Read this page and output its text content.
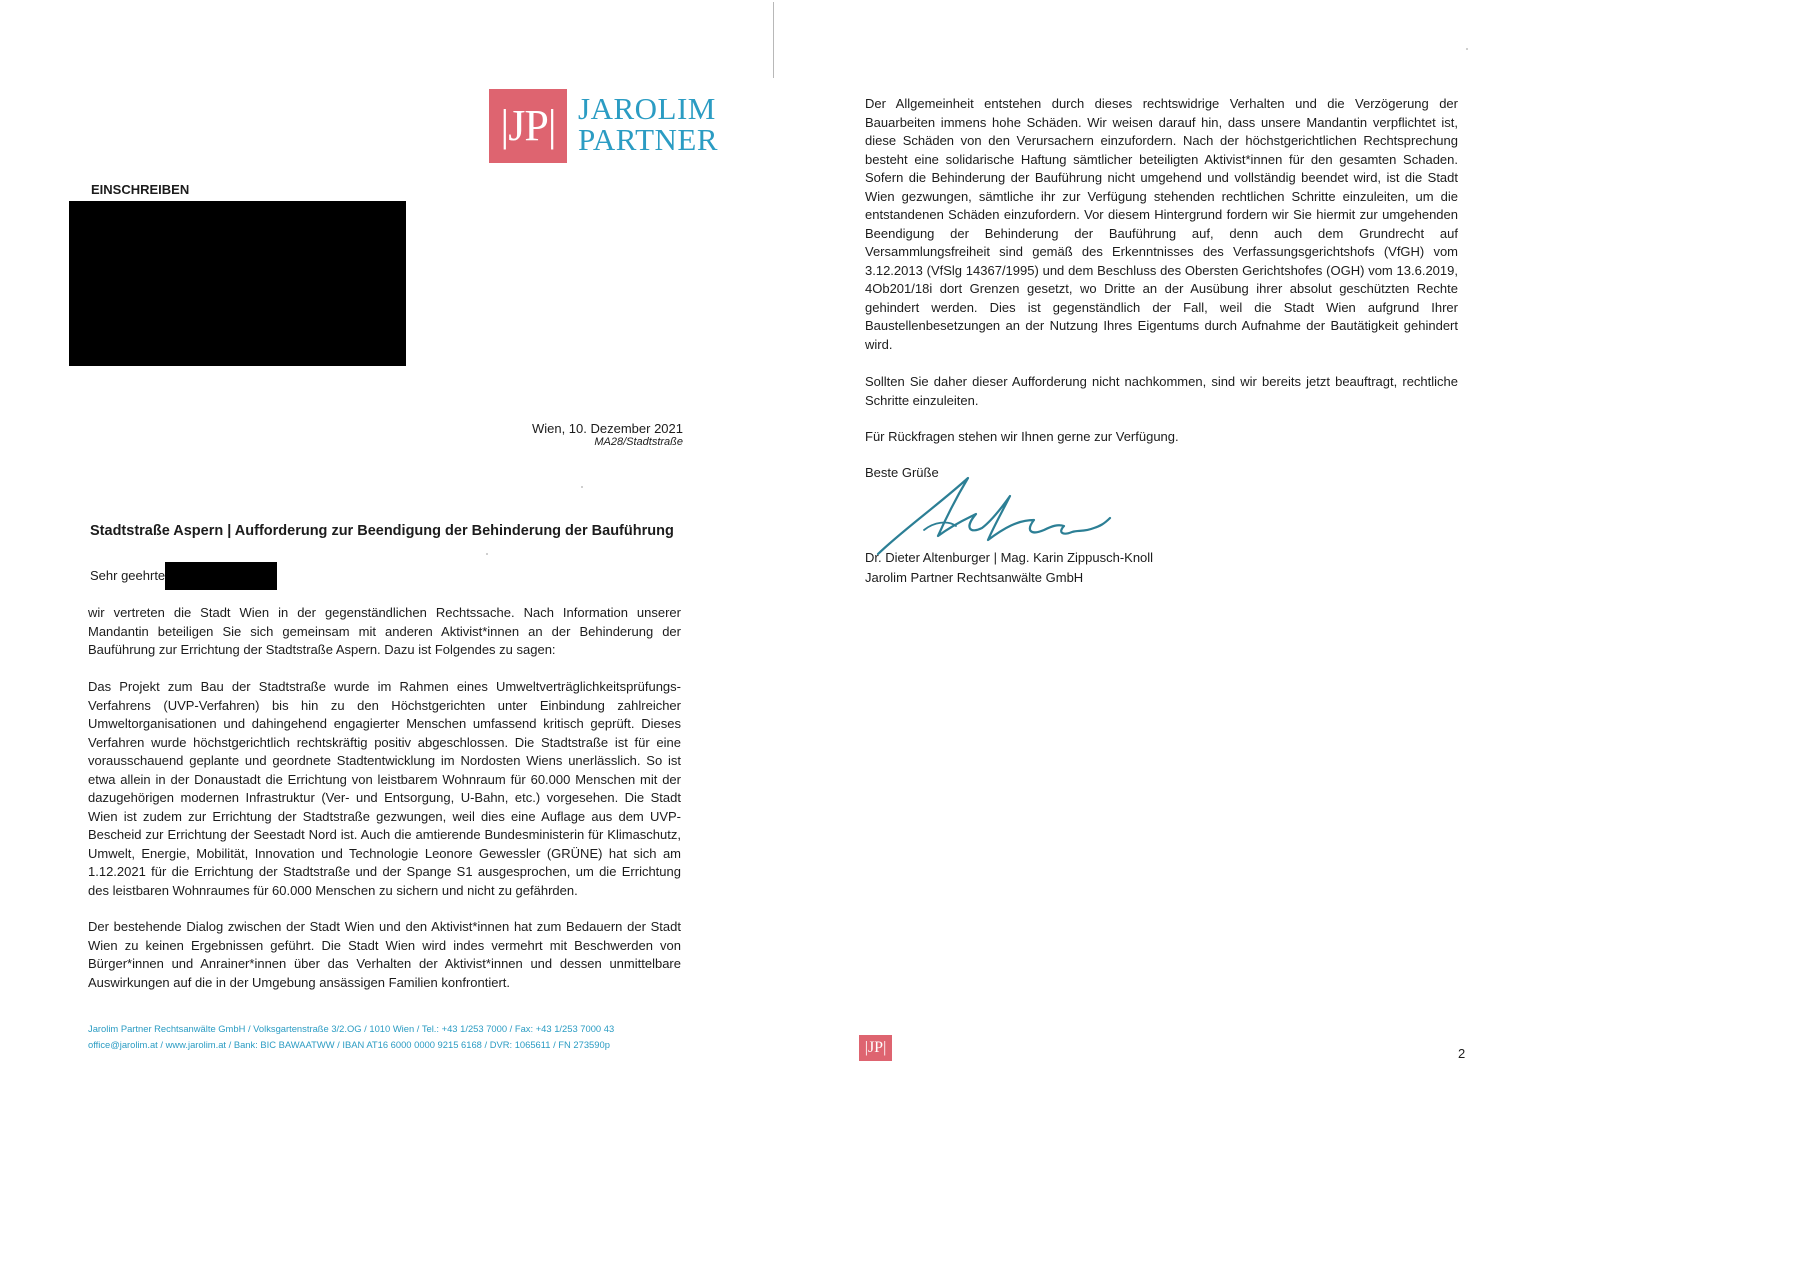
|JP| JAROLIM
PARTNER
EINSCHREIBEN
Wien, 10. Dezember 2021
MA28/Stadtstraße
Stadtstraße Aspern | Aufforderung zur Beendigung der Behinderung der Bauführung
Sehr geehrte
wir vertreten die Stadt Wien in der gegenständlichen Rechtssache. Nach Information unserer Mandantin beteiligen Sie sich gemeinsam mit anderen Aktivist*innen an der Behinderung der Bauführung zur Errichtung der Stadtstraße Aspern. Dazu ist Folgendes zu sagen:
Das Projekt zum Bau der Stadtstraße wurde im Rahmen eines Umweltverträglichkeitsprüfungs-Verfahrens (UVP-Verfahren) bis hin zu den Höchstgerichten unter Einbindung zahlreicher Umweltorganisationen und dahingehend engagierter Menschen umfassend kritisch geprüft. Dieses Verfahren wurde höchstgerichtlich rechtskräftig positiv abgeschlossen. Die Stadtstraße ist für eine vorausschauend geplante und geordnete Stadtentwicklung im Nordosten Wiens unerlässlich. So ist etwa allein in der Donaustadt die Errichtung von leistbarem Wohnraum für 60.000 Menschen mit der dazugehörigen modernen Infrastruktur (Ver- und Entsorgung, U-Bahn, etc.) vorgesehen. Die Stadt Wien ist zudem zur Errichtung der Stadtstraße gezwungen, weil dies eine Auflage aus dem UVP-Bescheid zur Errichtung der Seestadt Nord ist. Auch die amtierende Bundesministerin für Klimaschutz, Umwelt, Energie, Mobilität, Innovation und Technologie Leonore Gewessler (GRÜNE) hat sich am 1.12.2021 für die Errichtung der Stadtstraße und der Spange S1 ausgesprochen, um die Errichtung des leistbaren Wohnraumes für 60.000 Menschen zu sichern und nicht zu gefährden.
Der bestehende Dialog zwischen der Stadt Wien und den Aktivist*innen hat zum Bedauern der Stadt Wien zu keinen Ergebnissen geführt. Die Stadt Wien wird indes vermehrt mit Beschwerden von Bürger*innen und Anrainer*innen über das Verhalten der Aktivist*innen und dessen unmittelbare Auswirkungen auf die in der Umgebung ansässigen Familien konfrontiert.
Jarolim Partner Rechtsanwälte GmbH / Volksgartenstraße 3/2.OG / 1010 Wien / Tel.: +43 1/253 7000 / Fax: +43 1/253 7000 43
office@jarolim.at / www.jarolim.at / Bank: BIC BAWAATWW / IBAN AT16 6000 0000 9215 6168 / DVR: 1065611 / FN 273590p
Der Allgemeinheit entstehen durch dieses rechtswidrige Verhalten und die Verzögerung der Bauarbeiten immens hohe Schäden. Wir weisen darauf hin, dass unsere Mandantin verpflichtet ist, diese Schäden von den Verursachern einzufordern. Nach der höchstgerichtlichen Rechtsprechung besteht eine solidarische Haftung sämtlicher beteiligten Aktivist*innen für den gesamten Schaden. Sofern die Behinderung der Bauführung nicht umgehend und vollständig beendet wird, ist die Stadt Wien gezwungen, sämtliche ihr zur Verfügung stehenden rechtlichen Schritte einzuleiten, um die entstandenen Schäden einzufordern. Vor diesem Hintergrund fordern wir Sie hiermit zur umgehenden Beendigung der Behinderung der Bauführung auf, denn auch dem Grundrecht auf Versammlungsfreiheit sind gemäß des Erkenntnisses des Verfassungsgerichtshofs (VfGH) vom 3.12.2013 (VfSlg 14367/1995) und dem Beschluss des Obersten Gerichtshofes (OGH) vom 13.6.2019, 4Ob201/18i dort Grenzen gesetzt, wo Dritte an der Ausübung ihrer absolut geschützten Rechte gehindert werden. Dies ist gegenständlich der Fall, weil die Stadt Wien aufgrund Ihrer Baustellenbesetzungen an der Nutzung Ihres Eigentums durch Aufnahme der Bautätigkeit gehindert wird.
Sollten Sie daher dieser Aufforderung nicht nachkommen, sind wir bereits jetzt beauftragt, rechtliche Schritte einzuleiten.
Für Rückfragen stehen wir Ihnen gerne zur Verfügung.
Beste Grüße
Dr. Dieter Altenburger | Mag. Karin Zippusch-Knoll
Jarolim Partner Rechtsanwälte GmbH
|JP|	2
